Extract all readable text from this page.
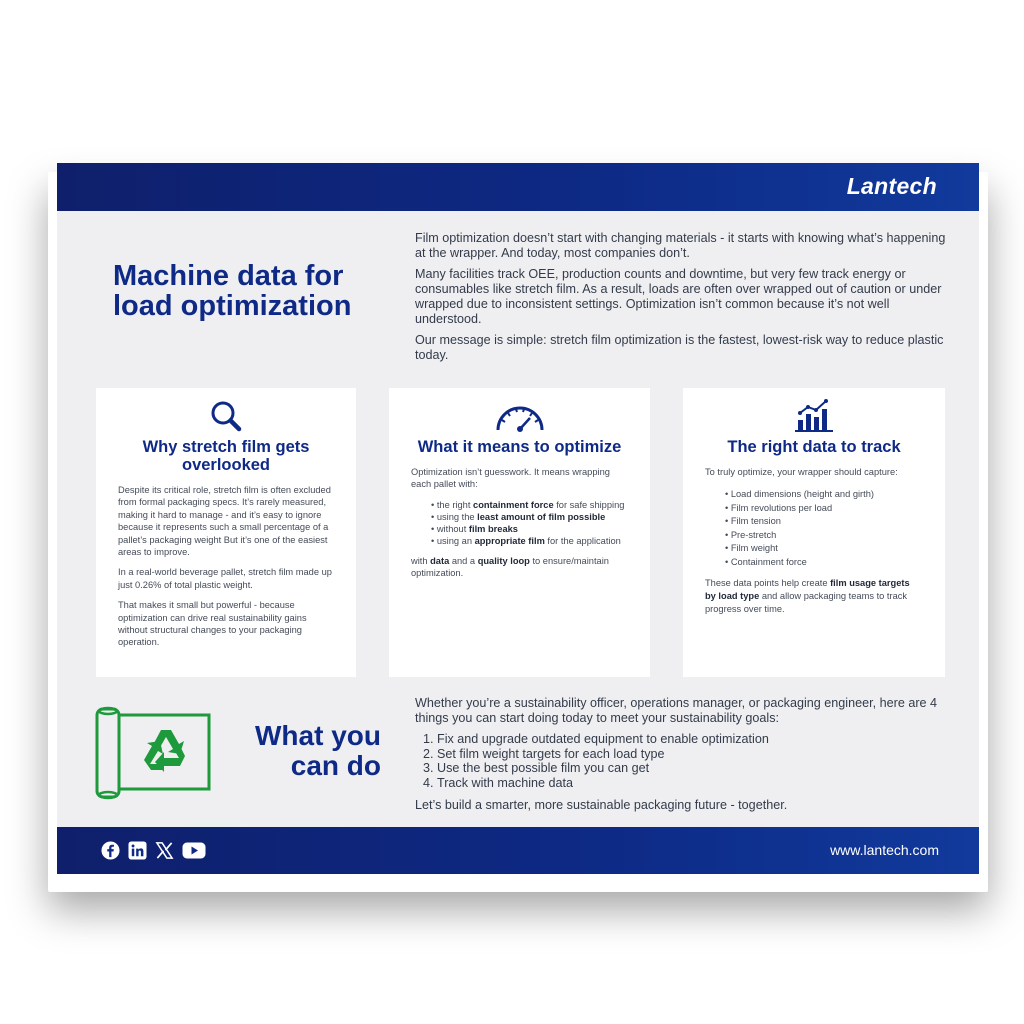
Lantech
Machine data for load optimization

Film optimization doesn’t start with changing materials - it starts with knowing what’s happening at the wrapper. And today, most companies don’t.

Many facilities track OEE, production counts and downtime, but very few track energy or consumables like stretch film. As a result, loads are often over wrapped out of caution or under wrapped due to inconsistent settings. Optimization isn’t common because it’s not well understood.

Our message is simple: stretch film optimization is the fastest, lowest-risk way to reduce plastic today.

Why stretch film gets overlooked

Despite its critical role, stretch film is often excluded from formal packaging specs. It’s rarely measured, making it hard to manage - and it’s easy to ignore because it represents such a small percentage of a pallet’s packaging weight But it’s one of the easiest areas to improve.

In a real-world beverage pallet, stretch film made up just 0.26% of total plastic weight.

That makes it small but powerful - because optimization can drive real sustainability gains without structural changes to your packaging operation.

What it means to optimize

Optimization isn’t guesswork. It means wrapping each pallet with:

• the right containment force for safe shipping
• using the least amount of film possible
• without film breaks
• using an appropriate film for the application

with data and a quality loop to ensure/maintain optimization.

The right data to track

To truly optimize, your wrapper should capture:

• Load dimensions (height and girth)
• Film revolutions per load
• Film tension
• Pre-stretch
• Film weight
• Containment force

These data points help create film usage targets by load type and allow packaging teams to track progress over time.

What you can do

Whether you’re a sustainability officer, operations manager, or packaging engineer, here are 4 things you can start doing today to meet your sustainability goals:

1. Fix and upgrade outdated equipment to enable optimization
2. Set film weight targets for each load type
3. Use the best possible film you can get
4. Track with machine data

Let’s build a smarter, more sustainable packaging future - together.

www.lantech.com
